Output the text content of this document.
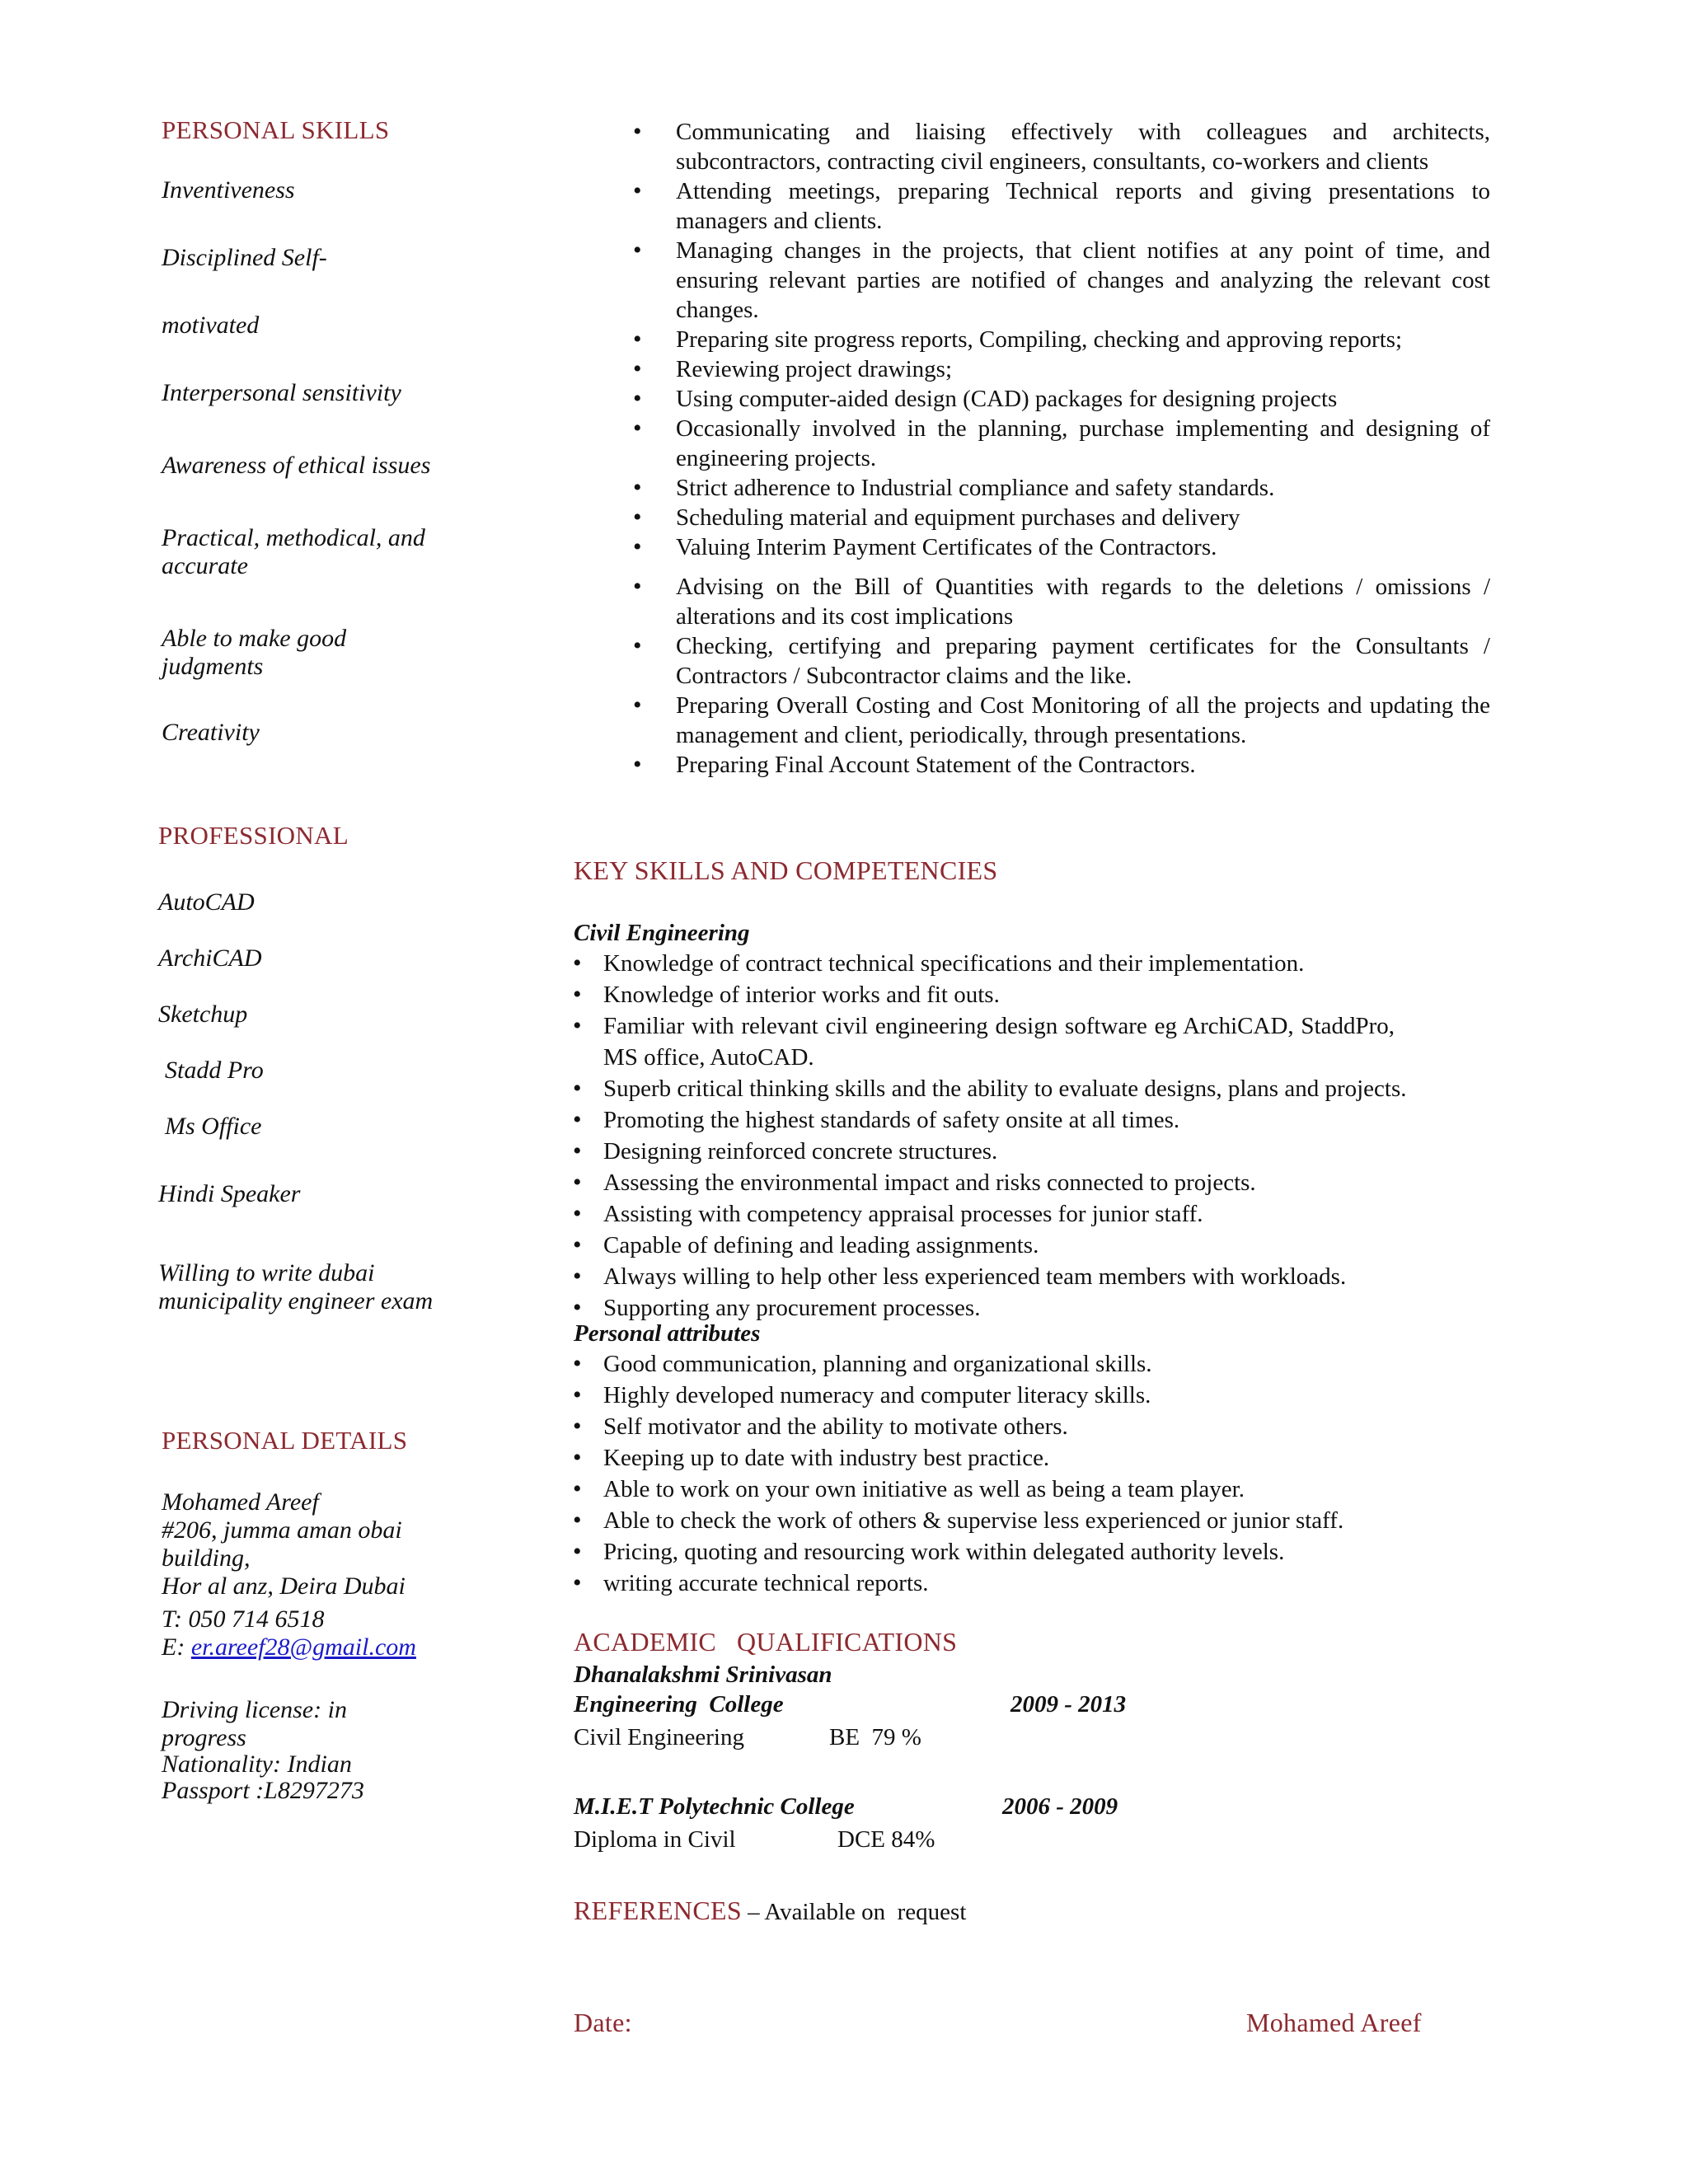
PERSONAL SKILLS
Inventiveness
Disciplined Self-
motivated
Interpersonal sensitivity
Awareness of ethical issues
Practical, methodical, and
accurate
Able to make good
judgments
Creativity
PROFESSIONAL
AutoCAD
ArchiCAD
Sketchup
Stadd Pro
Ms Office
Hindi Speaker
Willing to write dubai
municipality engineer exam
PERSONAL DETAILS
Mohamed Areef
#206, jumma aman obai
building,
Hor al anz, Deira Dubai
T: 050 714 6518
E: er.areef28@gmail.com
Driving license: in
progress
Nationality: Indian
Passport :L8297273
• Communicating and liaising effectively with colleagues and architects, subcontractors, contracting civil engineers, consultants, co-workers and clients
• Attending meetings, preparing Technical reports and giving presentations to managers and clients.
• Managing changes in the projects, that client notifies at any point of time, and ensuring relevant parties are notified of changes and analyzing the relevant cost changes.
• Preparing site progress reports, Compiling, checking and approving reports;
• Reviewing project drawings;
• Using computer-aided design (CAD) packages for designing projects
• Occasionally involved in the planning, purchase implementing and designing of engineering projects.
• Strict adherence to Industrial compliance and safety standards.
• Scheduling material and equipment purchases and delivery
• Valuing Interim Payment Certificates of the Contractors.
• Advising on the Bill of Quantities with regards to the deletions / omissions / alterations and its cost implications
• Checking, certifying and preparing payment certificates for the Consultants / Contractors / Subcontractor claims and the like.
• Preparing Overall Costing and Cost Monitoring of all the projects and updating the management and client, periodically, through presentations.
• Preparing Final Account Statement of the Contractors.
KEY SKILLS AND COMPETENCIES
Civil Engineering
• Knowledge of contract technical specifications and their implementation.
• Knowledge of interior works and fit outs.
• Familiar with relevant civil engineering design software eg ArchiCAD, StaddPro, MS office, AutoCAD.
• Superb critical thinking skills and the ability to evaluate designs, plans and projects.
• Promoting the highest standards of safety onsite at all times.
• Designing reinforced concrete structures.
• Assessing the environmental impact and risks connected to projects.
• Assisting with competency appraisal processes for junior staff.
• Capable of defining and leading assignments.
• Always willing to help other less experienced team members with workloads.
• Supporting any procurement processes.
Personal attributes
• Good communication, planning and organizational skills.
• Highly developed numeracy and computer literacy skills.
• Self motivator and the ability to motivate others.
• Keeping up to date with industry best practice.
• Able to work on your own initiative as well as being a team player.
• Able to check the work of others & supervise less experienced or junior staff.
• Pricing, quoting and resourcing work within delegated authority levels.
• writing accurate technical reports.
ACADEMIC   QUALIFICATIONS
Dhanalakshmi Srinivasan
Engineering  College	2009 - 2013
Civil Engineering	BE  79 %
M.I.E.T Polytechnic College	2006 - 2009
Diploma in Civil	DCE 84%
REFERENCES – Available on  request
Date:	Mohamed Areef
